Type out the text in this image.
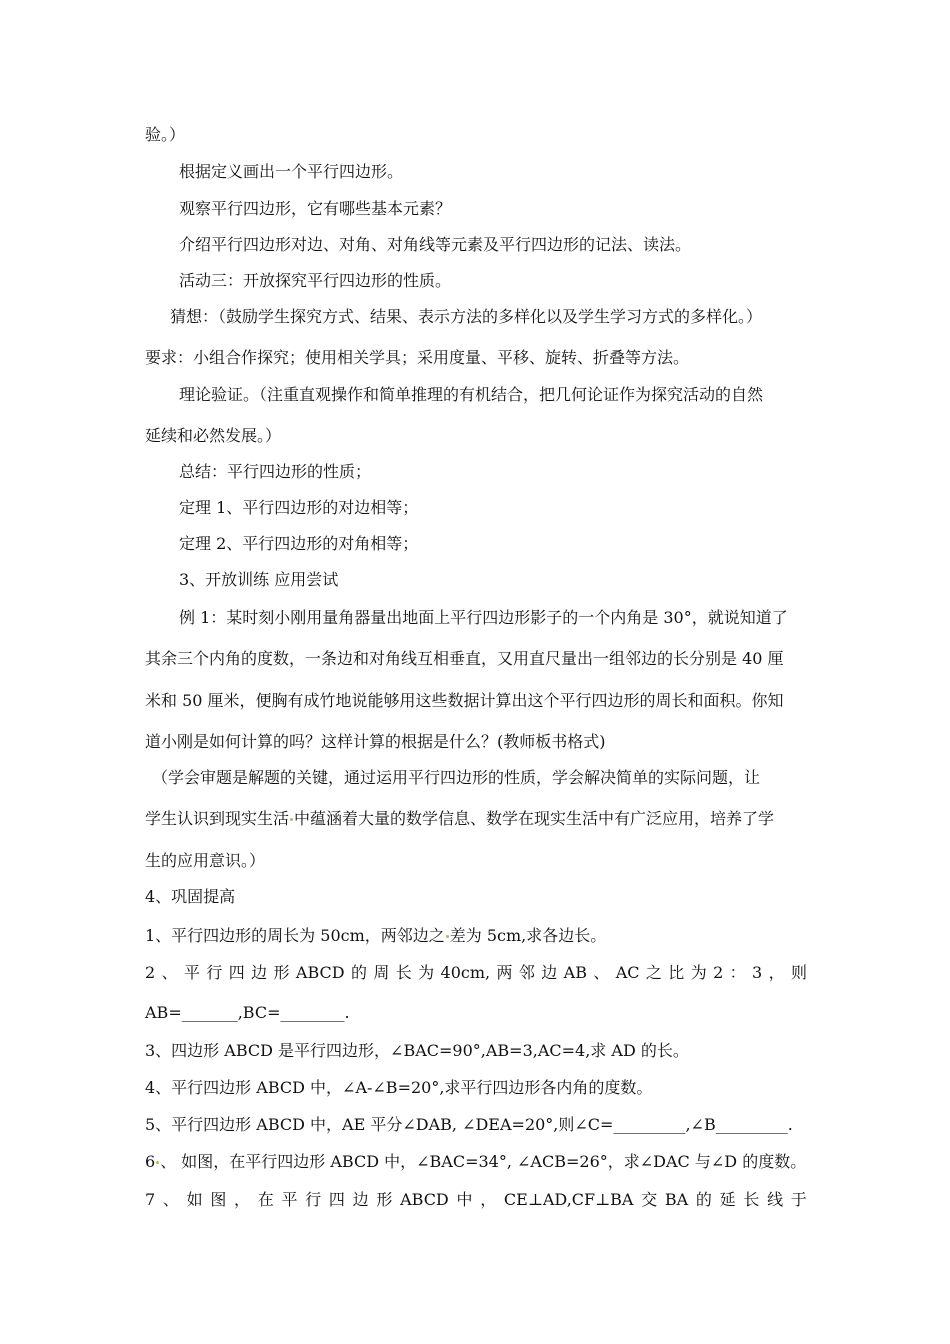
验。）
根据定义画出一个平行四边形。
观察平行四边形，它有哪些基本元素？
介绍平行四边形对边、对角、对角线等元素及平行四边形的记法、读法。
活动三：开放探究平行四边形的性质。
猜想：（鼓励学生探究方式、结果、表示方法的多样化以及学生学习方式的多样化。）
要求：小组合作探究；使用相关学具；采用度量、平移、旋转、折叠等方法。
理论验证。（注重直观操作和简单推理的有机结合，把几何论证作为探究活动的自然
延续和必然发展。）
总结：平行四边形的性质；
定理 1、平行四边形的对边相等；
定理 2、平行四边形的对角相等；
3、开放训练 应用尝试
例 1：某时刻小刚用量角器量出地面上平行四边形影子的一个内角是 30°，就说知道了
其余三个内角的度数，一条边和对角线互相垂直，又用直尺量出一组邻边的长分别是 40 厘
米和 50 厘米，便胸有成竹地说能够用这些数据计算出这个平行四边形的周长和面积。你知
道小刚是如何计算的吗？这样计算的根据是什么？(教师板书格式)
（学会审题是解题的关键，通过运用平行四边形的性质，学会解决简单的实际问题，让
学生认识到现实生活 中蕴涵着大量的数学信息、数学在现实生活中有广泛应用，培养了学
生的应用意识。）
4、巩固提高
1、平行四边形的周长为 50cm，两邻边之 差为 5cm,求各边长。
2 、 平 行 四 边 形 ABCD 的 周 长 为 40cm, 两 邻 边 AB 、 AC 之 比 为 2 ： 3 ， 则
AB=_______,BC=________.
3、四边形 ABCD 是平行四边形，∠BAC=90°,AB=3,AC=4,求 AD 的长。
4、平行四边形 ABCD 中，∠A-∠B=20°,求平行四边形各内角的度数。
5、平行四边形 ABCD 中，AE 平分∠DAB, ∠DEA=20°,则∠C=_________,∠B_________.
6 、 如图，在平行四边形 ABCD 中，∠BAC=34°, ∠ACB=26°，求∠DAC 与∠D 的度数。
7 、 如 图 ， 在 平 行 四 边 形 ABCD 中 ， CE⊥AD,CF⊥BA 交 BA 的 延 长 线 于
